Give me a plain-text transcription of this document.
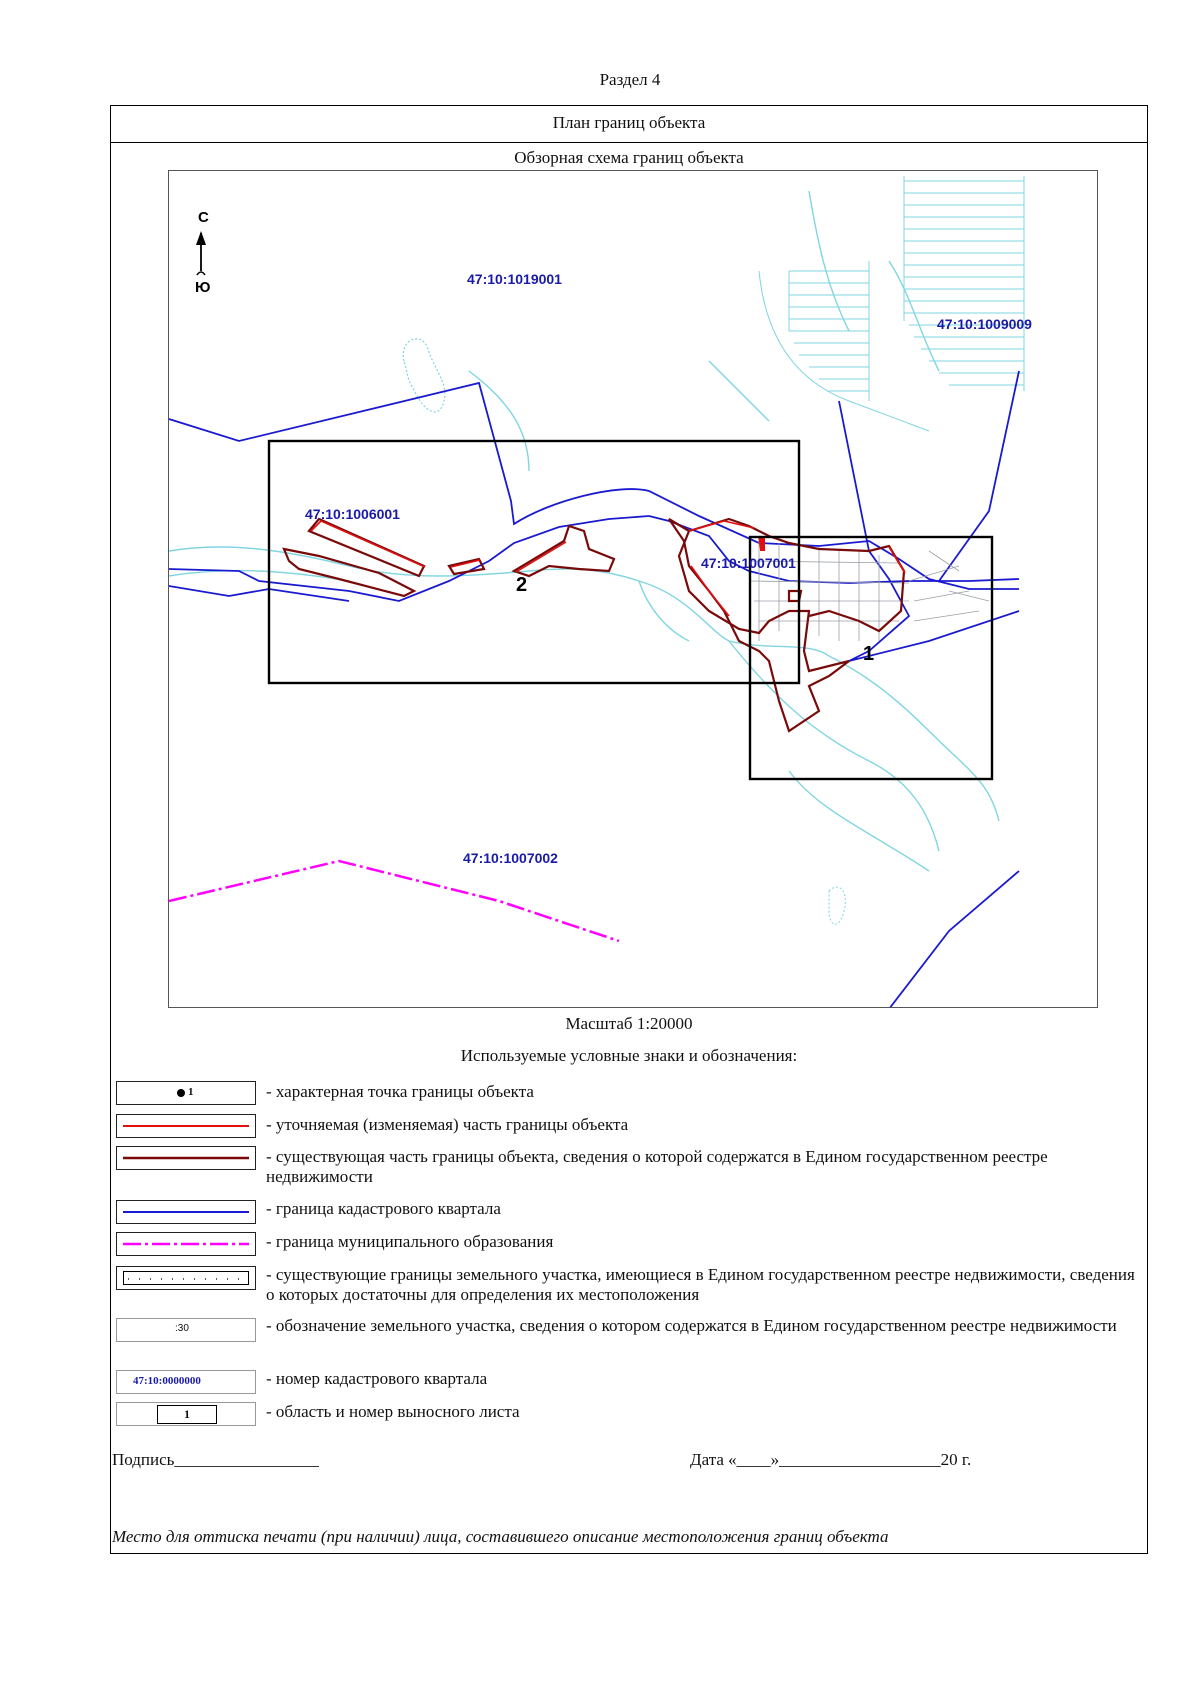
Раздел 4
План границ объекта
Обзорная схема границ объекта
С
Ю	47:10:1019001
47:10:1009009
47:10:1006001
47:10:1007001
47:10:1007002
2
1
Масштаб 1:20000
Используемые условные знаки и обозначения:
1	- характерная точка границы объекта
- уточняемая (изменяемая) часть границы объекта
- существующая часть границы объекта, сведения о которой содержатся в Едином государственном реестре недвижимости
- граница кадастрового квартала
- граница муниципального образования
- существующие границы земельного участка, имеющиеся в Едином государственном реестре недвижимости, сведения о которых достаточны для определения их местоположения
:30	- обозначение земельного участка, сведения о котором содержатся в Едином государственном реестре недвижимости
47:10:0000000	- номер кадастрового квартала
1	- область и номер выносного листа
Подпись_________________	Дата «____»___________________20 г.
Место для оттиска печати (при наличии) лица, составившего описание местоположения границ объекта
